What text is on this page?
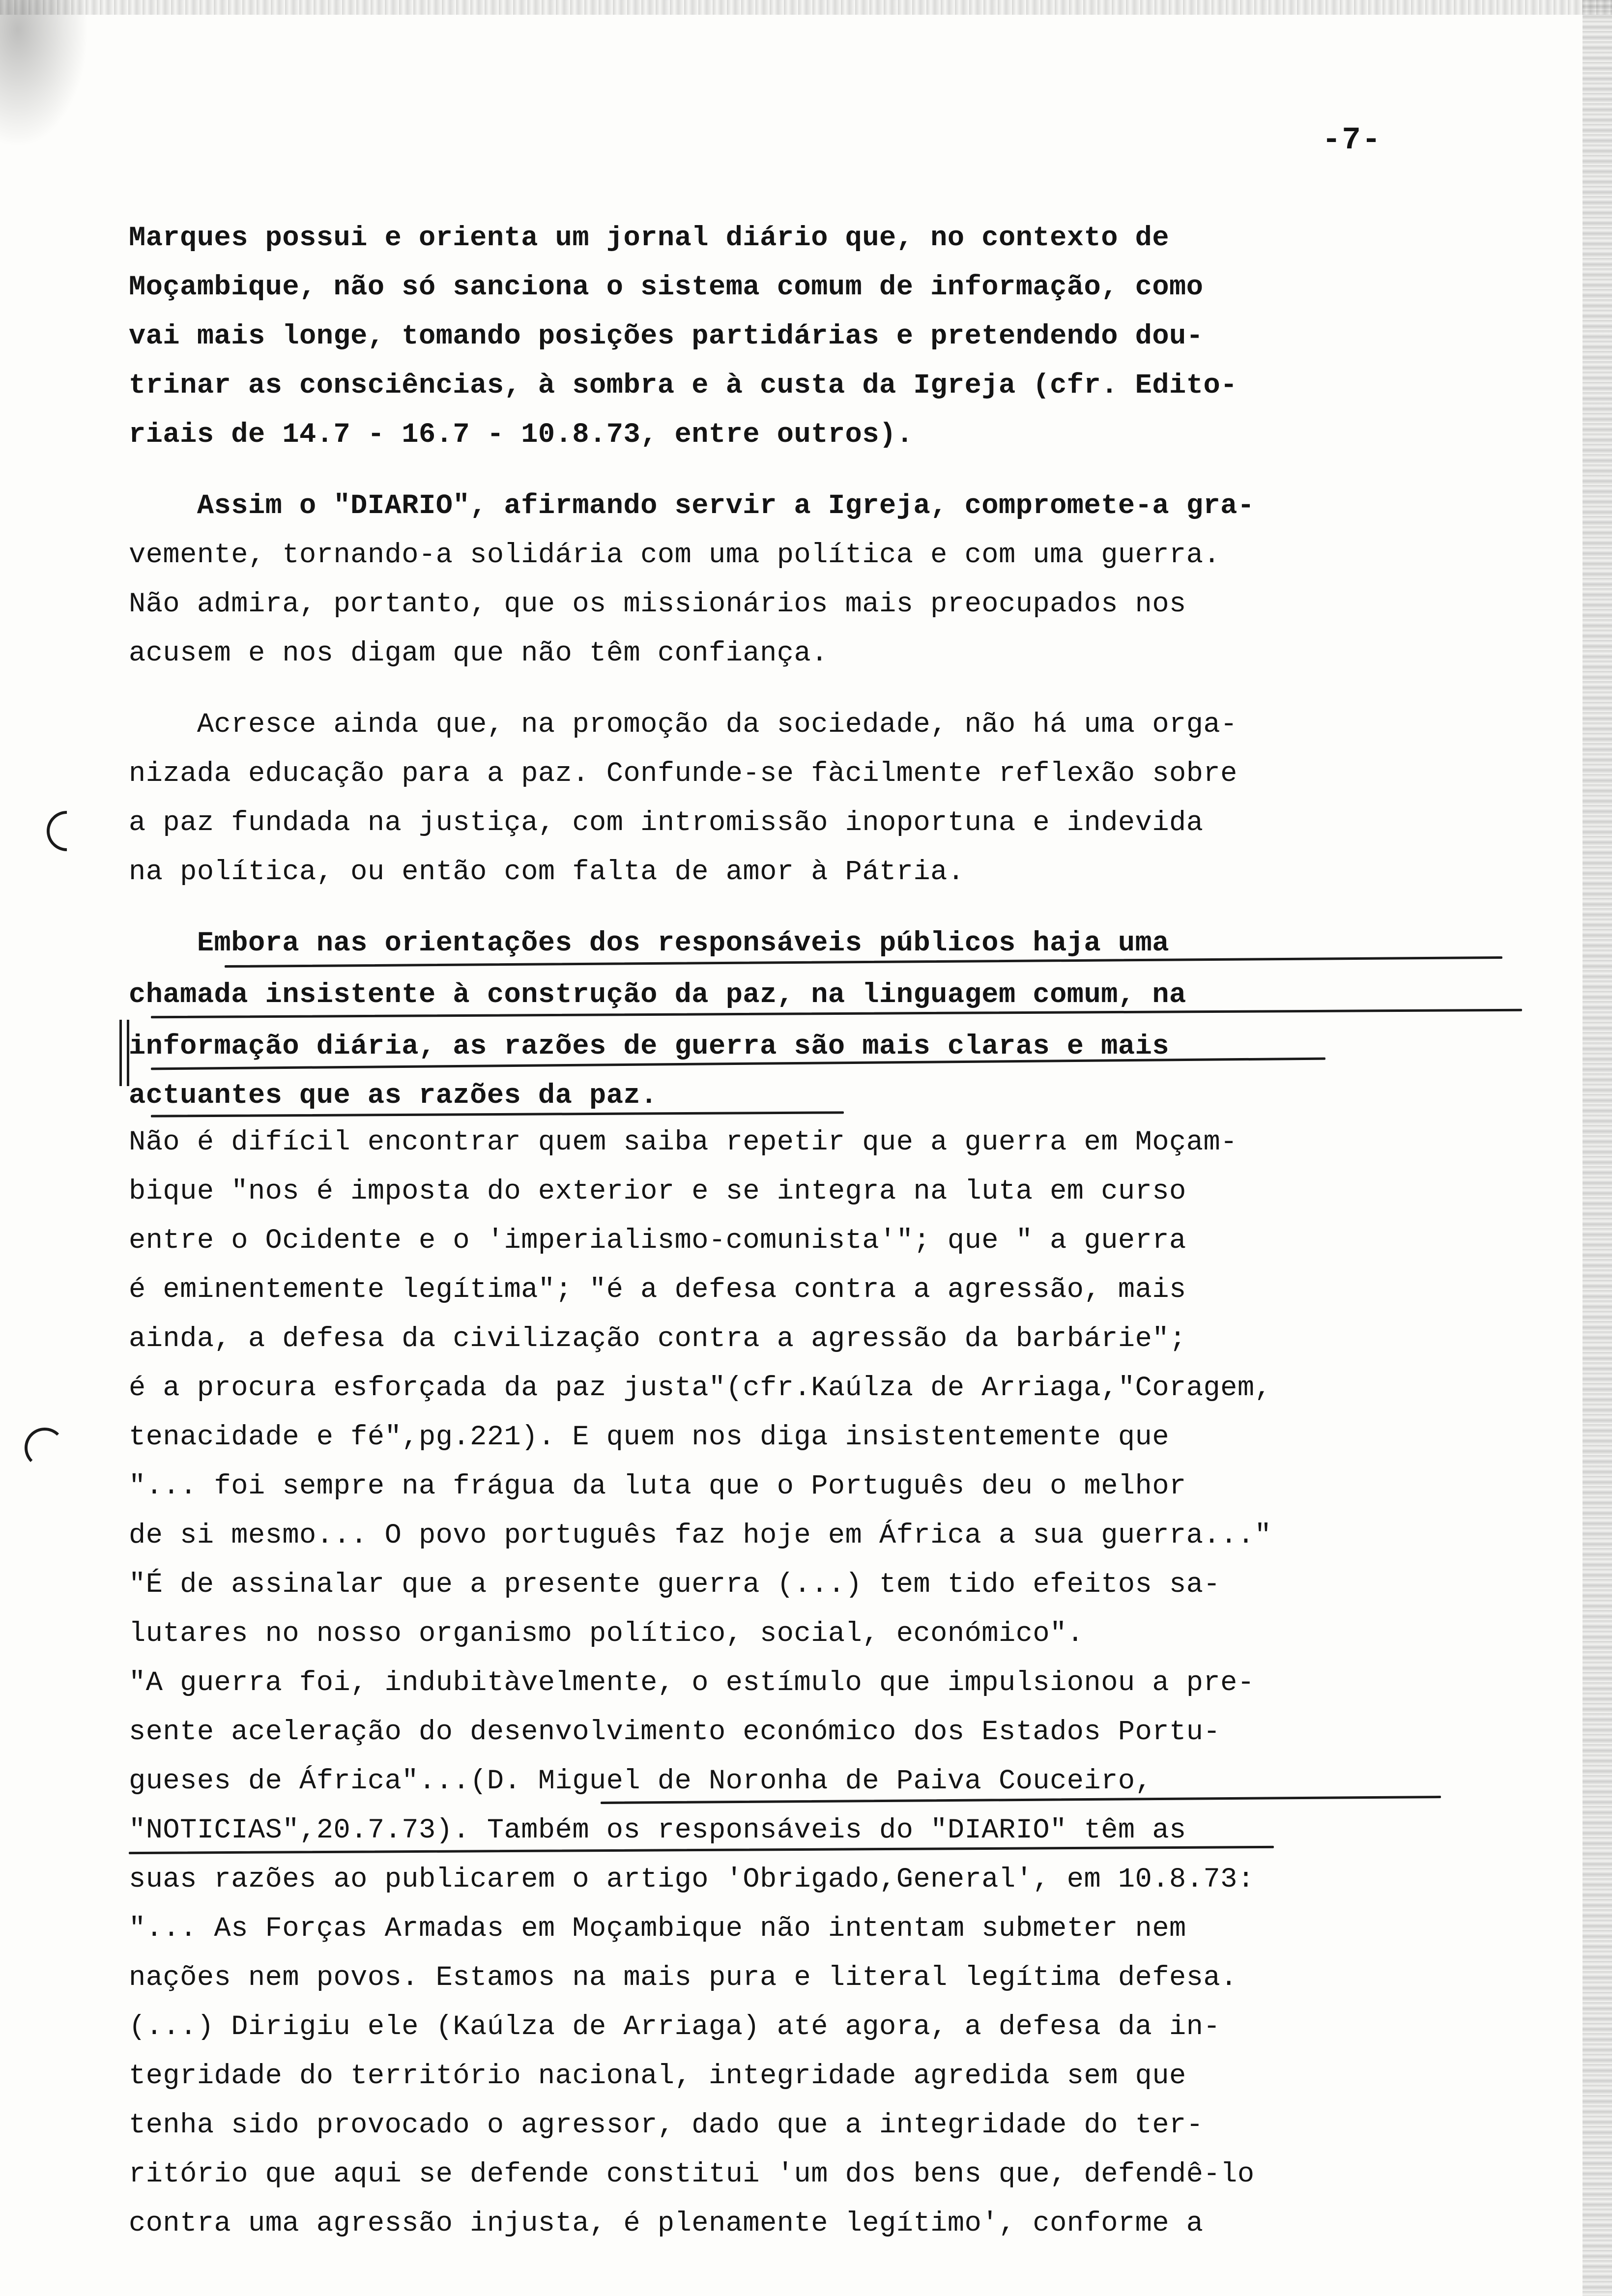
-7-
Marques possui e orienta um jornal diário que, no contexto de
Moçambique, não só sanciona o sistema comum de informação, como
vai mais longe, tomando posições partidárias e pretendendo dou-
trinar as consciências, à sombra e à custa da Igreja (cfr. Edito-
riais de 14.7 - 16.7 - 10.8.73, entre outros).
Assim o "DIARIO", afirmando servir a Igreja, compromete-a gra-
vemente, tornando-a solidária com uma política e com uma guerra.
Não admira, portanto, que os missionários mais preocupados nos
acusem e nos digam que não têm confiança.
Acresce ainda que, na promoção da sociedade, não há uma orga-
nizada educação para a paz. Confunde-se fàcilmente reflexão sobre
a paz fundada na justiça, com intromissão inoportuna e indevida
na política, ou então com falta de amor à Pátria.
Embora nas orientações dos responsáveis públicos haja uma
chamada insistente à construção da paz, na linguagem comum, na
informação diária, as razões de guerra são mais claras e mais
actuantes que as razões da paz.
Não é difícil encontrar quem saiba repetir que a guerra em Moçam-
bique "nos é imposta do exterior e se integra na luta em curso
entre o Ocidente e o 'imperialismo-comunista'"; que " a guerra
é eminentemente legítima"; "é a defesa contra a agressão, mais
ainda, a defesa da civilização contra a agressão da barbárie";
é a procura esforçada da paz justa"(cfr.Kaúlza de Arriaga,"Coragem,
tenacidade e fé",pg.221). E quem nos diga insistentemente que
"... foi sempre na frágua da luta que o Português deu o melhor
de si mesmo... O povo português faz hoje em África a sua guerra..."
"É de assinalar que a presente guerra (...) tem tido efeitos sa-
lutares no nosso organismo político, social, económico".
"A guerra foi, indubitàvelmente, o estímulo que impulsionou a pre-
sente aceleração do desenvolvimento económico dos Estados Portu-
gueses de África"...(D. Miguel de Noronha de Paiva Couceiro,
"NOTICIAS",20.7.73). Também os responsáveis do "DIARIO" têm as
suas razões ao publicarem o artigo 'Obrigado,General', em 10.8.73:
"... As Forças Armadas em Moçambique não intentam submeter nem
nações nem povos. Estamos na mais pura e literal legítima defesa.
(...) Dirigiu ele (Kaúlza de Arriaga) até agora, a defesa da in-
tegridade do território nacional, integridade agredida sem que
tenha sido provocado o agressor, dado que a integridade do ter-
ritório que aqui se defende constitui 'um dos bens que, defendê-lo
contra uma agressão injusta, é plenamente legítimo', conforme a
